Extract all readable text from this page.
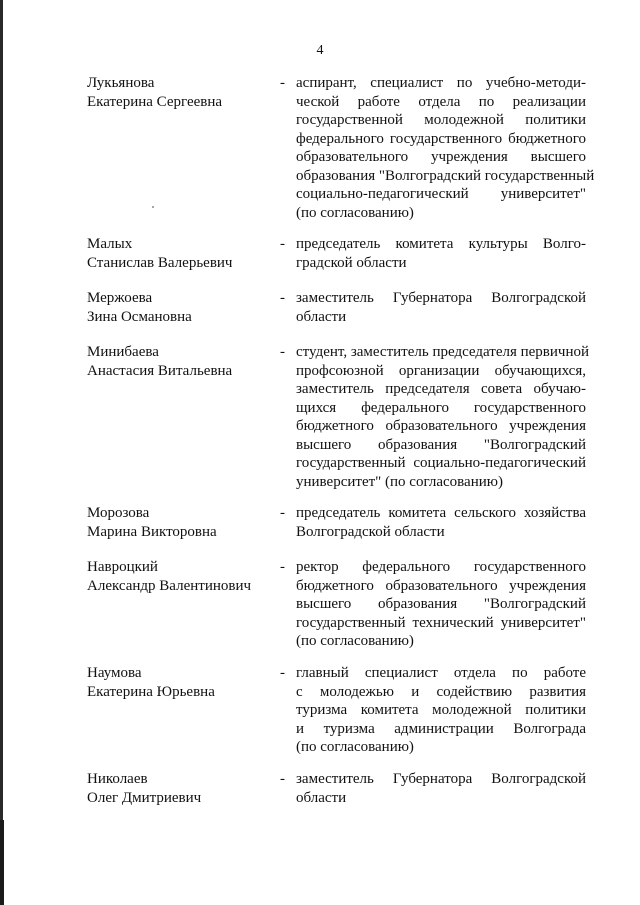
4
Лукьянова
Екатерина Сергеевна
- аспирант, специалист по учебно-методи-
ческой работе отдела по реализации
государственной молодежной политики
федерального государственного бюджетного
образовательного учреждения высшего
образования "Волгоградский государственный
социально-педагогический университет"
(по согласованию)
Малых
Станислав Валерьевич
- председатель комитета культуры Волго-
градской области
Мержоева
Зина Османовна
- заместитель Губернатора Волгоградской
области
Минибаева
Анастасия Витальевна
- студент, заместитель председателя первичной
профсоюзной организации обучающихся,
заместитель председателя совета обучаю-
щихся федерального государственного
бюджетного образовательного учреждения
высшего образования "Волгоградский
государственный социально-педагогический
университет" (по согласованию)
Морозова
Марина Викторовна
- председатель комитета сельского хозяйства
Волгоградской области
Навроцкий
Александр Валентинович
- ректор федерального государственного
бюджетного образовательного учреждения
высшего образования "Волгоградский
государственный технический университет"
(по согласованию)
Наумова
Екатерина Юрьевна
- главный специалист отдела по работе
с молодежью и содействию развития
туризма комитета молодежной политики
и туризма администрации Волгограда
(по согласованию)
Николаев
Олег Дмитриевич
- заместитель Губернатора Волгоградской
области
